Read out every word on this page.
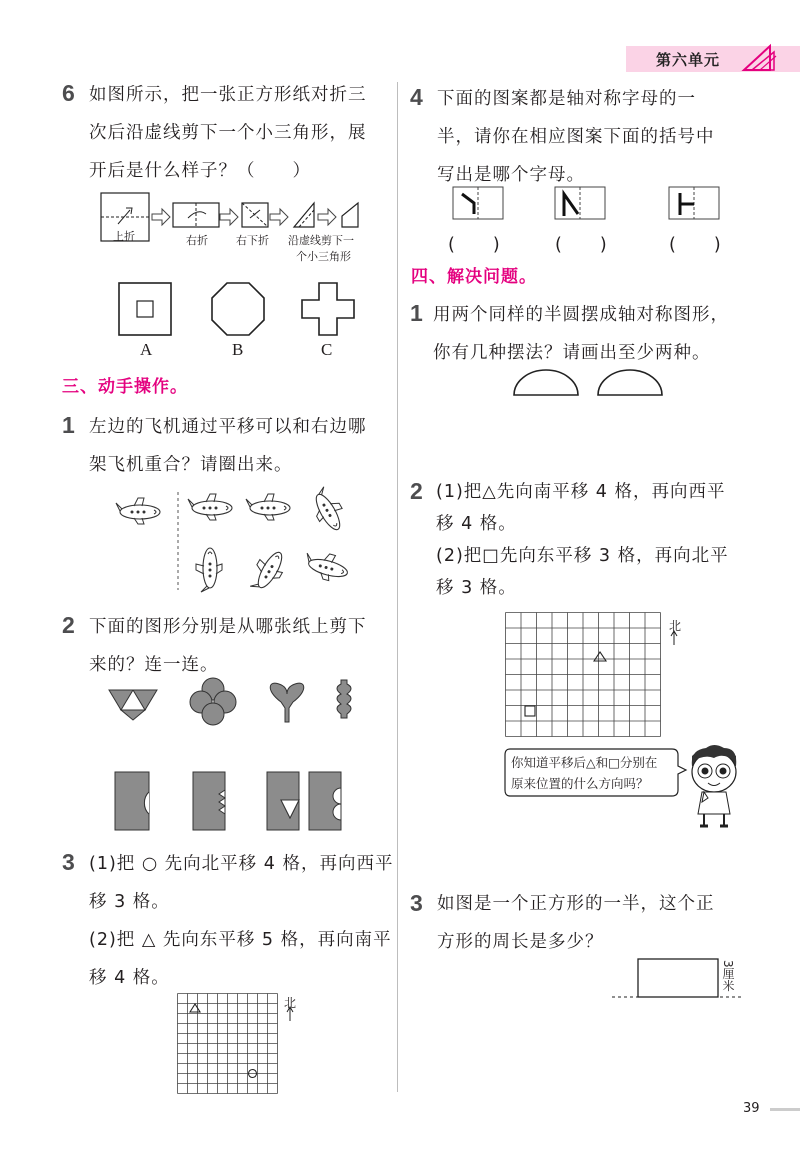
第六单元
6 如图所示，把一张正方形纸对折三
次后沿虚线剪下一个小三角形，展
开后是什么样子？（　　）
上折	右折	右下折 沿虚线剪下一
个小三角形
A	B	C
三、动手操作。
1 左边的飞机通过平移可以和右边哪
架飞机重合？请圈出来。
2 下面的图形分别是从哪张纸上剪下
来的？连一连。
3 (1)把 ○ 先向北平移 4 格，再向西平
移 3 格。
(2)把 △ 先向东平移 5 格，再向南平
移 4 格。
北
4 下面的图案都是轴对称字母的一
半，请你在相应图案下面的括号中
写出是哪个字母。
(　　)	(　　)	(　　)
四、解决问题。
1 用两个同样的半圆摆成轴对称图形，
你有几种摆法？请画出至少两种。
2 (1)把△先向南平移 4 格，再向西平
移 4 格。
(2)把□先向东平移 3 格，再向北平
移 3 格。
北
你知道平移后△和□分别在
原来位置的什么方向吗？
3 如图是一个正方形的一半，这个正
方形的周长是多少？
3厘米
39
